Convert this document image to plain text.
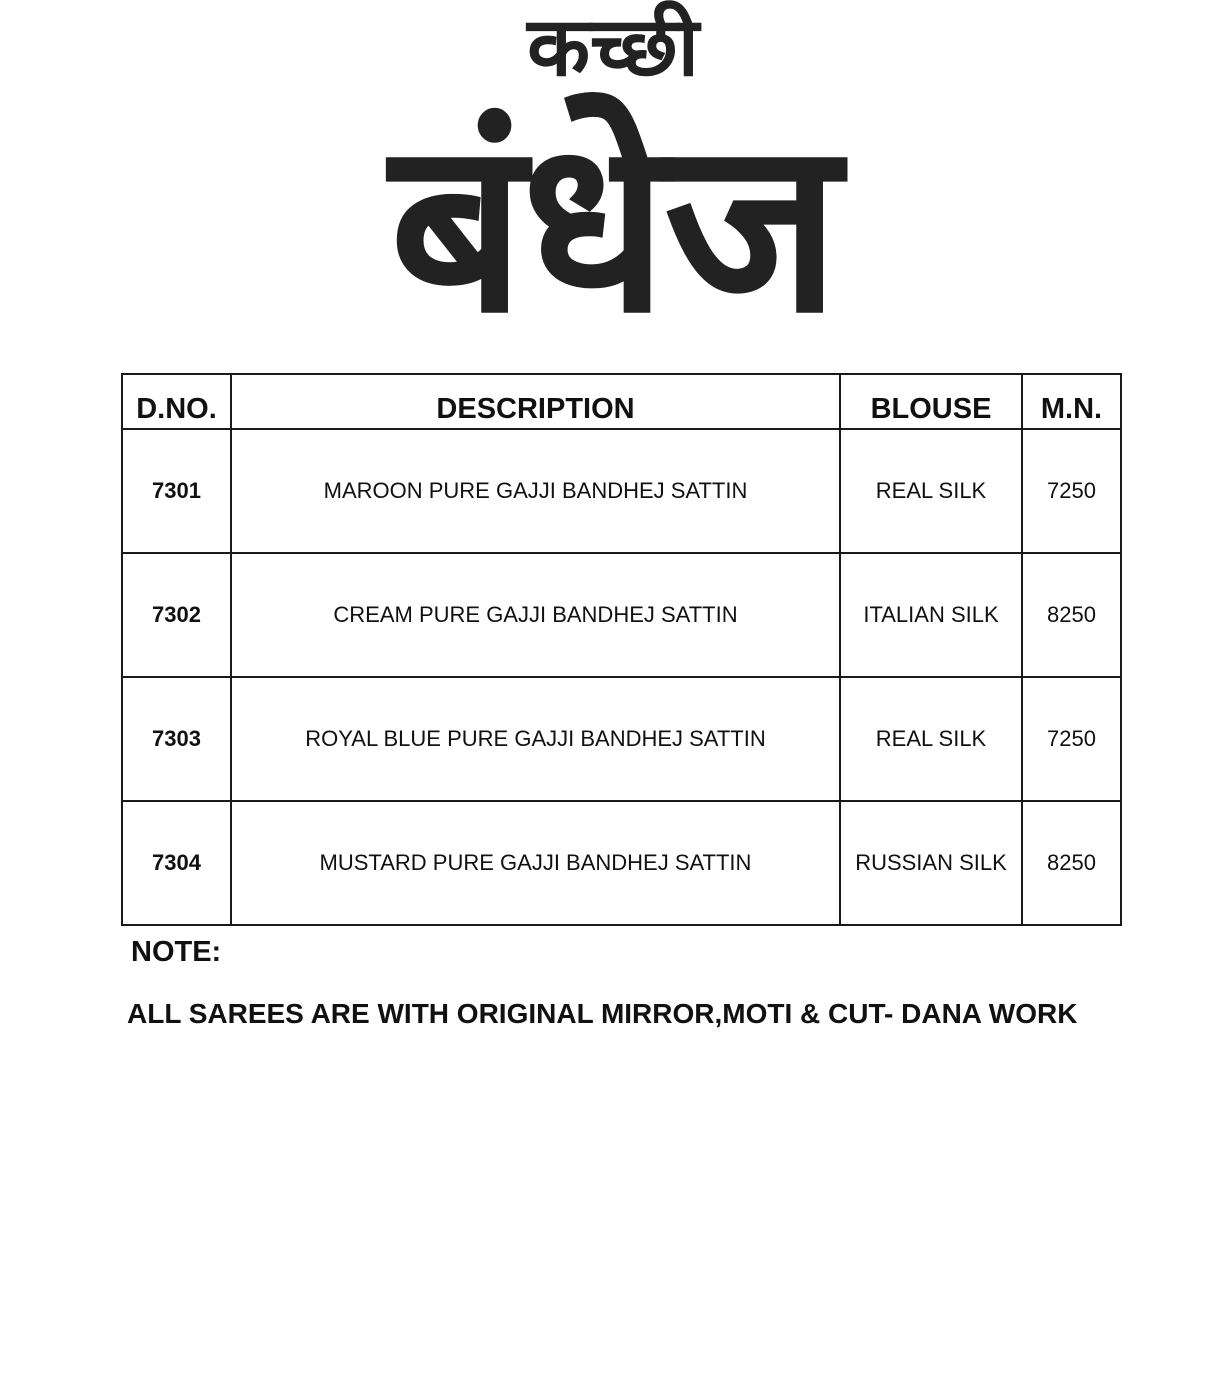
कच्छी
बंधेज
D.NO.	DESCRIPTION	BLOUSE	M.N.
7301	MAROON PURE GAJJI BANDHEJ SATTIN	REAL SILK	7250
7302	CREAM PURE GAJJI BANDHEJ SATTIN	ITALIAN SILK	8250
7303	ROYAL BLUE PURE GAJJI BANDHEJ SATTIN	REAL SILK	7250
7304	MUSTARD PURE GAJJI BANDHEJ SATTIN	RUSSIAN SILK	8250
NOTE:
ALL SAREES ARE WITH ORIGINAL MIRROR,MOTI & CUT- DANA WORK
